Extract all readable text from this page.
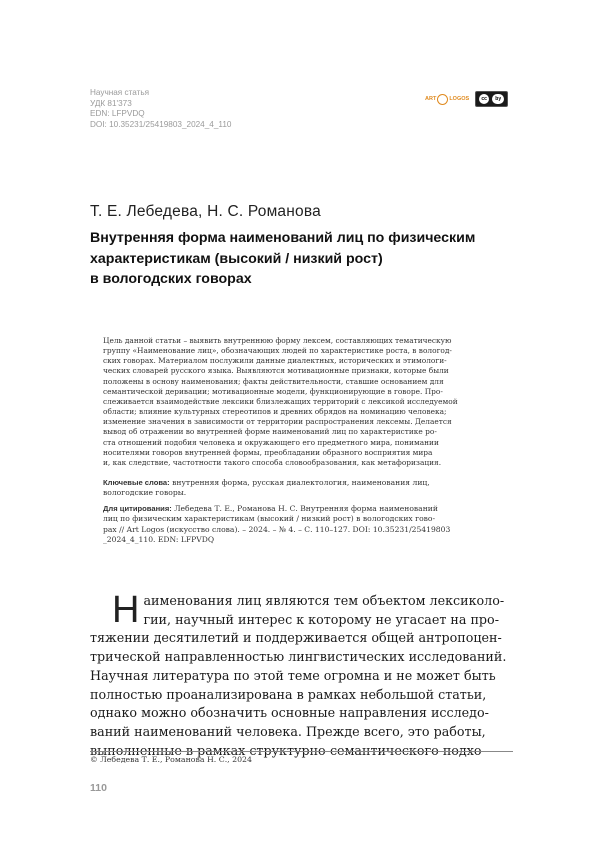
Научная статья
УДК 81'373
EDN: LFPVDQ
DOI: 10.35231/25419803_2024_4_110
ART LOGOS	cc	by
Т. Е. Лебедева, Н. С. Романова
Внутренняя форма наименований лиц по физическим
характеристикам (высокий / низкий рост)
в вологодских говорах
Цель данной статьи – выявить внутреннюю форму лексем, составляющих тематическую
группу «Наименование лиц», обозначающих людей по характеристике роста, в вологод-
ских говорах. Материалом послужили данные диалектных, исторических и этимологи-
ческих словарей русского языка. Выявляются мотивационные признаки, которые были
положены в основу наименования; факты действительности, ставшие основанием для
семантической деривации; мотивационные модели, функционирующие в говоре. Про-
слеживается взаимодействие лексики близлежащих территорий с лексикой исследуемой
области; влияние культурных стереотипов и древних обрядов на номинацию человека;
изменение значения в зависимости от территории распространения лексемы. Делается
вывод об отражении во внутренней форме наименований лиц по характеристике ро-
ста отношений подобия человека и окружающего его предметного мира, понимании
носителями говоров внутренней формы, преобладании образного восприятия мира
и, как следствие, частотности такого способа словообразования, как метафоризация.
Ключевые слова: внутренняя форма, русская диалектология, наименования лиц,
вологодские говоры.
Для цитирования: Лебедева Т. Е., Романова Н. С. Внутренняя форма наименований
лиц по физическим характеристикам (высокий / низкий рост) в вологодских гово-
рах // Art Logos (искусство слова). – 2024. – № 4. – С. 110–127. DOI: 10.35231/25419803
_2024_4_110. EDN: LFPVDQ
Н аименования лиц являются тем объектом лексиколо-
гии, научный интерес к которому не угасает на про-
тяжении десятилетий и поддерживается общей антропоцен-
трической направленностью лингвистических исследований.
Научная литература по этой теме огромна и не может быть
полностью проанализирована в рамках небольшой статьи,
однако можно обозначить основные направления исследо-
ваний наименований человека. Прежде всего, это работы,
выполненные в рамках структурно-семантического подхо-
© Лебедева Т. Е., Романова Н. С., 2024
110
